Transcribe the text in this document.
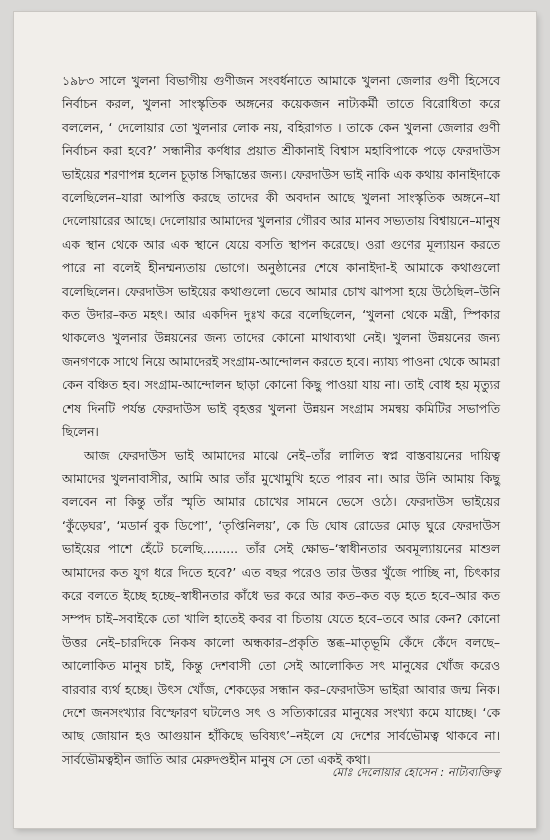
১৯৮৩ সালে খুলনা বিভাগীয় গুণীজন সংবর্ধনাতে আমাকে খুলনা জেলার গুণী হিসেবে নির্বাচন করল, খুলনা সাংস্কৃতিক অঙ্গনের কয়েকজন নাট্যকর্মী তাতে বিরোধিতা করে বললেন, ‘ দেলোয়ার তো খুলনার লোক নয়, বহিরাগত । তাকে কেন খুলনা জেলার গুণী নির্বাচন করা হবে?’ সন্ধানীর কর্ণধার প্রয়াত শ্রীকানাই বিশ্বাস মহাবিপাকে পড়ে ফেরদাউস ভাইয়ের শরণাপন্ন হলেন চূড়ান্ত সিদ্ধান্তের জন্য। ফেরদাউস ভাই নাকি এক কথায় কানাইদাকে বলেছিলেন–যারা আপত্তি করছে তাদের কী অবদান আছে খুলনা সাংস্কৃতিক অঙ্গনে–যা দেলোয়ারের আছে। দেলোয়ার আমাদের খুলনার গৌরব আর মানব সভ্যতায় বিশ্বায়নে–মানুষ এক স্থান থেকে আর এক স্থানে যেয়ে বসতি স্থাপন করেছে। ওরা গুণের মূল্যায়ন করতে পারে না বলেই হীনম্মন্যতায় ভোগে। অনুষ্ঠানের শেষে কানাইদা-ই আমাকে কথাগুলো বলেছিলেন। ফেরদাউস ভাইয়ের কথাগুলো ভেবে আমার চোখ ঝাপসা হয়ে উঠেছিল–উনি কত উদার–কত মহৎ। আর একদিন দুঃখ করে বলেছিলেন, ‘খুলনা থেকে মন্ত্রী, স্পিকার থাকলেও খুলনার উন্নয়নের জন্য তাদের কোনো মাথাব্যথা নেই। খুলনা উন্নয়নের জন্য জনগণকে সাথে নিয়ে আমাদেরই সংগ্রাম-আন্দোলন করতে হবে। ন্যায্য পাওনা থেকে আমরা কেন বঞ্চিত হব। সংগ্রাম-আন্দোলন ছাড়া কোনো কিছু পাওয়া যায় না। তাই বোধ হয় মৃত্যুর শেষ দিনটি পর্যন্ত ফেরদাউস ভাই বৃহত্তর খুলনা উন্নয়ন সংগ্রাম সমন্বয় কমিটির সভাপতি ছিলেন।

আজ ফেরদাউস ভাই আমাদের মাঝে নেই–তাঁর লালিত স্বপ্ন বাস্তবায়নের দায়িত্ব আমাদের খুলনাবাসীর, আমি আর তাঁর মুখোমুখি হতে পারব না। আর উনি আমায় কিছু বলবেন না কিন্তু তাঁর স্মৃতি আমার চোখের সামনে ভেসে ওঠে। ফেরদাউস ভাইয়ের ‘কুঁড়েঘর’, ‘মডার্ন বুক ডিপো’, ‘তৃপ্তিনিলয়’, কে ডি ঘোষ রোডের মোড় ঘুরে ফেরদাউস ভাইয়ের পাশে হেঁটে চলেছি......... তাঁর সেই ক্ষোভ–‘স্বাধীনতার অবমূল্যায়নের মাশুল আমাদের কত যুগ ধরে দিতে হবে?’ এত বছর পরেও তার উত্তর খুঁজে পাচ্ছি না, চিৎকার করে বলতে ইচ্ছে হচ্ছে–স্বাধীনতার কাঁধে ভর করে আর কত–কত বড় হতে হবে–আর কত সম্পদ চাই–সবাইকে তো খালি হাতেই কবর বা চিতায় যেতে হবে–তবে আর কেন? কোনো উত্তর নেই–চারদিকে নিকষ কালো অন্ধকার–প্রকৃতি স্তব্ধ–মাতৃভূমি কেঁদে কেঁদে বলছে–আলোকিত মানুষ চাই, কিন্তু দেশবাসী তো সেই আলোকিত সৎ মানুষের খোঁজ করেও বারবার ব্যর্থ হচ্ছে। উৎস খোঁজ, শেকড়ের সন্ধান কর–ফেরদাউস ভাইরা আবার জন্ম নিক। দেশে জনসংখ্যার বিস্ফোরণ ঘটলেও সৎ ও সত্যিকারের মানুষের সংখ্যা কমে যাচ্ছে। ‘কে আছ জোয়ান হও আগুয়ান হাঁকিছে ভবিষ্যৎ’–নইলে যে দেশের সার্বভৌমত্ব থাকবে না। সার্বভৌমত্বহীন জাতি আর মেরুদণ্ডহীন মানুষ সে তো একই কথা।

মোঃ দেলোয়ার হোসেন : নাট্যব্যক্তিত্ব
